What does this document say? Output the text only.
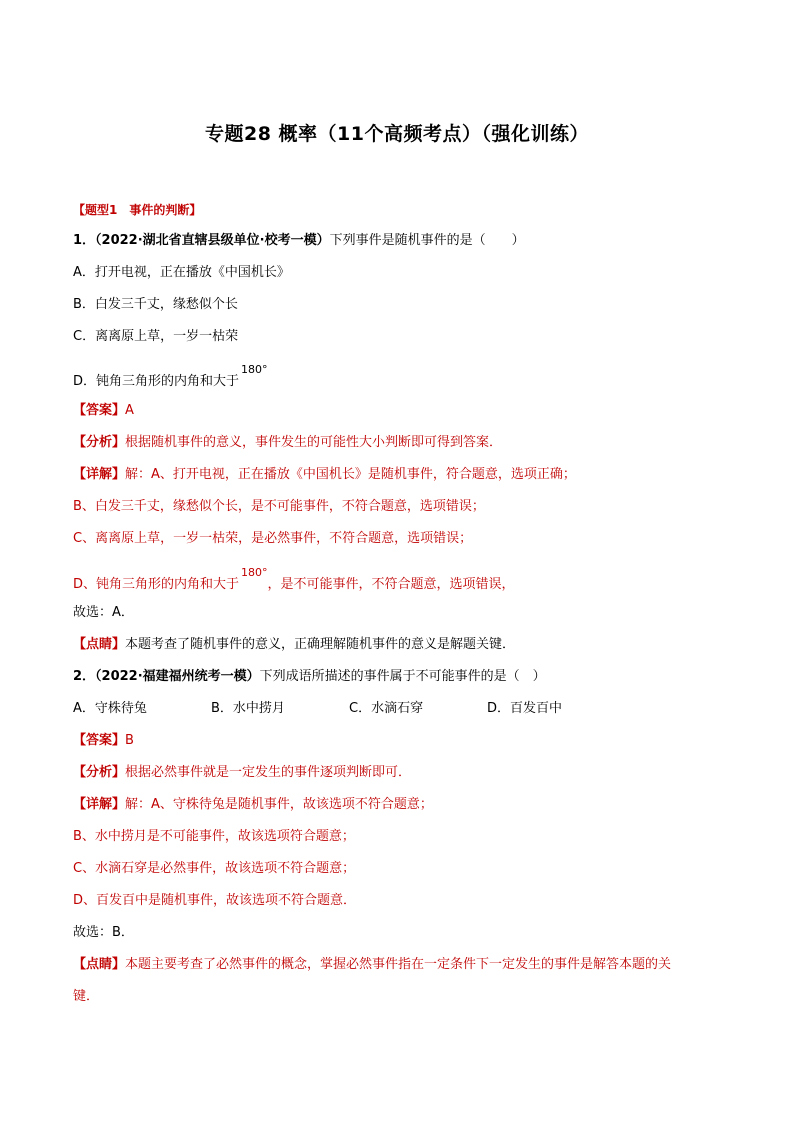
专题28 概率（11个高频考点）（强化训练）
【题型1　事件的判断】
1．（2022·湖北省直辖县级单位·校考一模）下列事件是随机事件的是（　　）
A．打开电视，正在播放《中国机长》
B．白发三千丈，缘愁似个长
C．离离原上草，一岁一枯荣
D．钝角三角形的内角和大于$^{180^\circ}$
【答案】A
【分析】根据随机事件的意义，事件发生的可能性大小判断即可得到答案．
【详解】解：A、打开电视，正在播放《中国机长》是随机事件，符合题意，选项正确；
B、白发三千丈，缘愁似个长，是不可能事件，不符合题意，选项错误；
C、离离原上草，一岁一枯荣，是必然事件，不符合题意，选项错误；
D、钝角三角形的内角和大于$^{180^\circ}$，是不可能事件，不符合题意，选项错误，
故选：A．
【点睛】本题考查了随机事件的意义，正确理解随机事件的意义是解题关键．
2．（2022·福建福州统考一模）下列成语所描述的事件属于不可能事件的是（　）
A．守株待兔	B．水中捞月	C．水滴石穿	D．百发百中
【答案】B
【分析】根据必然事件就是一定发生的事件逐项判断即可．
【详解】解：A、守株待兔是随机事件，故该选项不符合题意；
B、水中捞月是不可能事件，故该选项符合题意；
C、水滴石穿是必然事件，故该选项不符合题意；
D、百发百中是随机事件，故该选项不符合题意．
故选：B．
【点睛】本题主要考查了必然事件的概念，掌握必然事件指在一定条件下一定发生的事件是解答本题的关
键．
